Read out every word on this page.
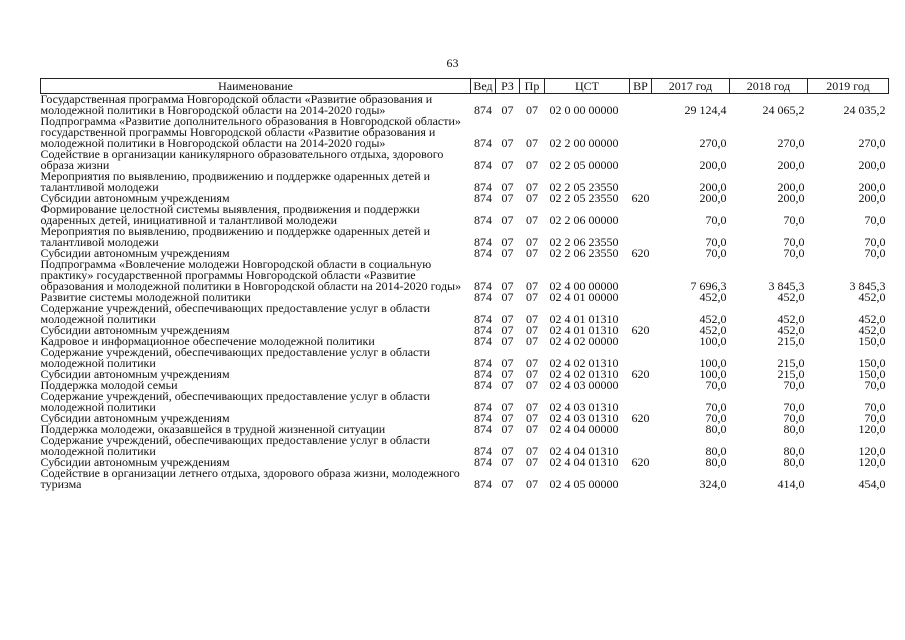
63
Наименование	Вед	РЗ	Пр	ЦСТ	ВР	2017 год	2018 год	2019 год
Государственная программа Новгородской области «Развитие образования и молодежной политики в Новгородской области на 2014-2020 годы»	874	07	07	02 0 00 00000		29 124,4	24 065,2	24 035,2
Подпрограмма «Развитие дополнительного образования в Новгородской области» государственной программы Новгородской области «Развитие образования и молодежной политики в Новгородской области на 2014-2020 годы»	874	07	07	02 2 00 00000		270,0	270,0	270,0
Содействие в организации каникулярного образовательного отдыха, здорового образа жизни	874	07	07	02 2 05 00000		200,0	200,0	200,0
Мероприятия по выявлению, продвижению и поддержке одаренных детей и талантливой молодежи	874	07	07	02 2 05 23550		200,0	200,0	200,0
Субсидии автономным учреждениям	874	07	07	02 2 05 23550	620	200,0	200,0	200,0
Формирование целостной системы выявления, продвижения и поддержки одаренных детей, инициативной и талантливой молодежи	874	07	07	02 2 06 00000		70,0	70,0	70,0
Мероприятия по выявлению, продвижению и поддержке одаренных детей и талантливой молодежи	874	07	07	02 2 06 23550		70,0	70,0	70,0
Субсидии автономным учреждениям	874	07	07	02 2 06 23550	620	70,0	70,0	70,0
Подпрограмма «Вовлечение молодежи Новгородской области в социальную практику» государственной программы Новгородской области «Развитие образования и молодежной политики в Новгородской области на 2014-2020 годы»	874	07	07	02 4 00 00000		7 696,3	3 845,3	3 845,3
Развитие системы молодежной политики	874	07	07	02 4 01 00000		452,0	452,0	452,0
Содержание учреждений, обеспечивающих предоставление услуг в области молодежной политики	874	07	07	02 4 01 01310		452,0	452,0	452,0
Субсидии автономным учреждениям	874	07	07	02 4 01 01310	620	452,0	452,0	452,0
Кадровое и информационное обеспечение молодежной политики	874	07	07	02 4 02 00000		100,0	215,0	150,0
Содержание учреждений, обеспечивающих предоставление услуг в области молодежной политики	874	07	07	02 4 02 01310		100,0	215,0	150,0
Субсидии автономным учреждениям	874	07	07	02 4 02 01310	620	100,0	215,0	150,0
Поддержка молодой семьи	874	07	07	02 4 03 00000		70,0	70,0	70,0
Содержание учреждений, обеспечивающих предоставление услуг в области молодежной политики	874	07	07	02 4 03 01310		70,0	70,0	70,0
Субсидии автономным учреждениям	874	07	07	02 4 03 01310	620	70,0	70,0	70,0
Поддержка молодежи, оказавшейся в трудной жизненной ситуации	874	07	07	02 4 04 00000		80,0	80,0	120,0
Содержание учреждений, обеспечивающих предоставление услуг в области молодежной политики	874	07	07	02 4 04 01310		80,0	80,0	120,0
Субсидии автономным учреждениям	874	07	07	02 4 04 01310	620	80,0	80,0	120,0
Содействие в организации летнего отдыха, здорового образа жизни, молодежного туризма	874	07	07	02 4 05 00000		324,0	414,0	454,0
